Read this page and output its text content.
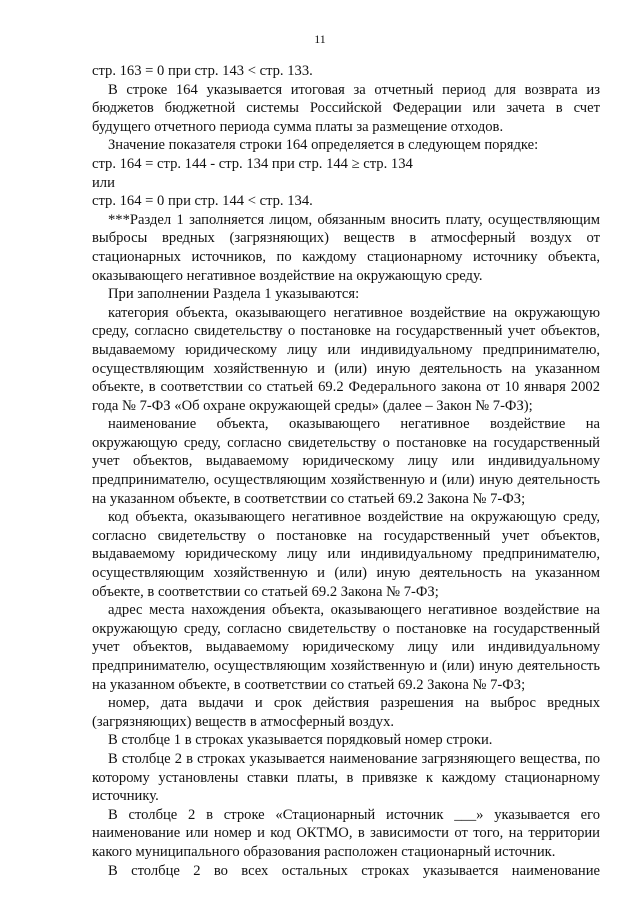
11

стр. 163 = 0 при стр. 143 < стр. 133.

В строке 164 указывается итоговая за отчетный период для возврата из бюджетов бюджетной системы Российской Федерации или зачета в счет будущего отчетного периода сумма платы за размещение отходов.

Значение показателя строки 164 определяется в следующем порядке:

стр. 164 = стр. 144 - стр. 134 при стр. 144 ≥ стр. 134

или

стр. 164 = 0 при стр. 144 < стр. 134.

***Раздел 1 заполняется лицом, обязанным вносить плату, осуществляющим выбросы вредных (загрязняющих) веществ в атмосферный воздух от стационарных источников, по каждому стационарному источнику объекта, оказывающего негативное воздействие на окружающую среду.

При заполнении Раздела 1 указываются:

категория объекта, оказывающего негативное воздействие на окружающую среду, согласно свидетельству о постановке на государственный учет объектов, выдаваемому юридическому лицу или индивидуальному предпринимателю, осуществляющим хозяйственную и (или) иную деятельность на указанном объекте, в соответствии со статьей 69.2 Федерального закона от 10 января 2002 года № 7-ФЗ «Об охране окружающей среды» (далее – Закон № 7-ФЗ);

наименование объекта, оказывающего негативное воздействие на окружающую среду, согласно свидетельству о постановке на государственный учет объектов, выдаваемому юридическому лицу или индивидуальному предпринимателю, осуществляющим хозяйственную и (или) иную деятельность на указанном объекте, в соответствии со статьей 69.2 Закона № 7-ФЗ;

код объекта, оказывающего негативное воздействие на окружающую среду, согласно свидетельству о постановке на государственный учет объектов, выдаваемому юридическому лицу или индивидуальному предпринимателю, осуществляющим хозяйственную и (или) иную деятельность на указанном объекте, в соответствии со статьей 69.2 Закона № 7-ФЗ;

адрес места нахождения объекта, оказывающего негативное воздействие на окружающую среду, согласно свидетельству о постановке на государственный учет объектов, выдаваемому юридическому лицу или индивидуальному предпринимателю, осуществляющим хозяйственную и (или) иную деятельность на указанном объекте, в соответствии со статьей 69.2 Закона № 7-ФЗ;

номер, дата выдачи и срок действия разрешения на выброс вредных (загрязняющих) веществ в атмосферный воздух.

В столбце 1 в строках указывается порядковый номер строки.

В столбце 2 в строках указывается наименование загрязняющего вещества, по которому установлены ставки платы, в привязке к каждому стационарному источнику.

В столбце 2 в строке «Стационарный источник ___» указывается его наименование или номер и код ОКТМО, в зависимости от того, на территории какого муниципального образования расположен стационарный источник.

В столбце 2 во всех остальных строках указывается наименование
